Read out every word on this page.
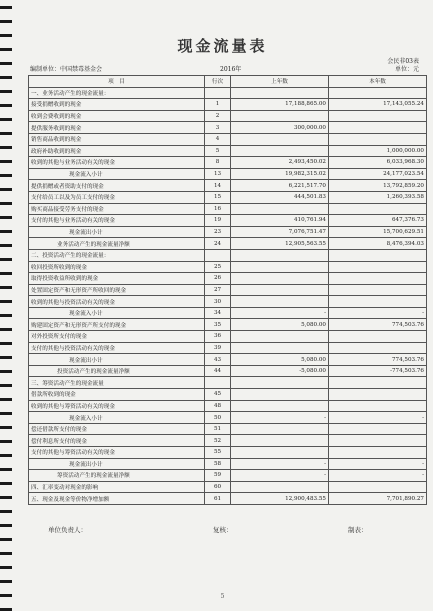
现金流量表
会民非03表
编制单位：中国禁毒基金会	2016年	单位：元
项　目	行次	上年数	本年数
一、业务活动产生的现金流量：			
接受捐赠收到的现金	1	17,188,865.00	17,143,055.24
收到会费收到的现金	2		
提供服务收到的现金	3	300,000.00	
销售商品收到的现金	4		
政府补助收到的现金	5		1,000,000.00
收到的其他与业务活动有关的现金	8	2,493,450.02	6,033,968.30
现金流入小计	13	19,982,315.02	24,177,023.54
提供捐赠或者资助支付的现金	14	6,221,517.70	13,792,859.20
支付给员工以及为员工支付的现金	15	444,501.83	1,260,393.58
购买商品接受劳务支付的现金	16		
支付的其他与业务活动有关的现金	19	410,761.94	647,376.73
现金流出小计	23	7,076,751.47	15,700,629.51
业务活动产生的现金流量净额	24	12,905,563.55	8,476,394.03
二、投资活动产生的现金流量：			
收回投资所收到的现金	25		
取得投资收益所收到的现金	26		
处置固定资产和无形资产所收回的现金	27		
收到的其他与投资活动有关的现金	30		
现金流入小计	34	-	-
购建固定资产和无形资产所支付的现金	35	5,080.00	774,503.76
对外投资所支付的现金	36		
支付的其他与投资活动有关的现金	39		
现金流出小计	43	5,080.00	774,503.76
投资活动产生的现金流量净额	44	-5,080.00	-774,503.76
三、筹资活动产生的现金流量			
借款所收到的现金	45		
收到的其他与筹资活动有关的现金	48		
现金流入小计	50	-	-
偿还借款所支付的现金	51		
偿付利息所支付的现金	52		
支付的其他与筹资活动有关的现金	55		
现金流出小计	58	-	-
筹资活动产生的现金流量净额	59	-	-
四、汇率变动对现金的影响	60		
五、现金及现金等价物净增加额	61	12,900,483.55	7,701,890.27
单位负责人：	复核：	制表：
5
